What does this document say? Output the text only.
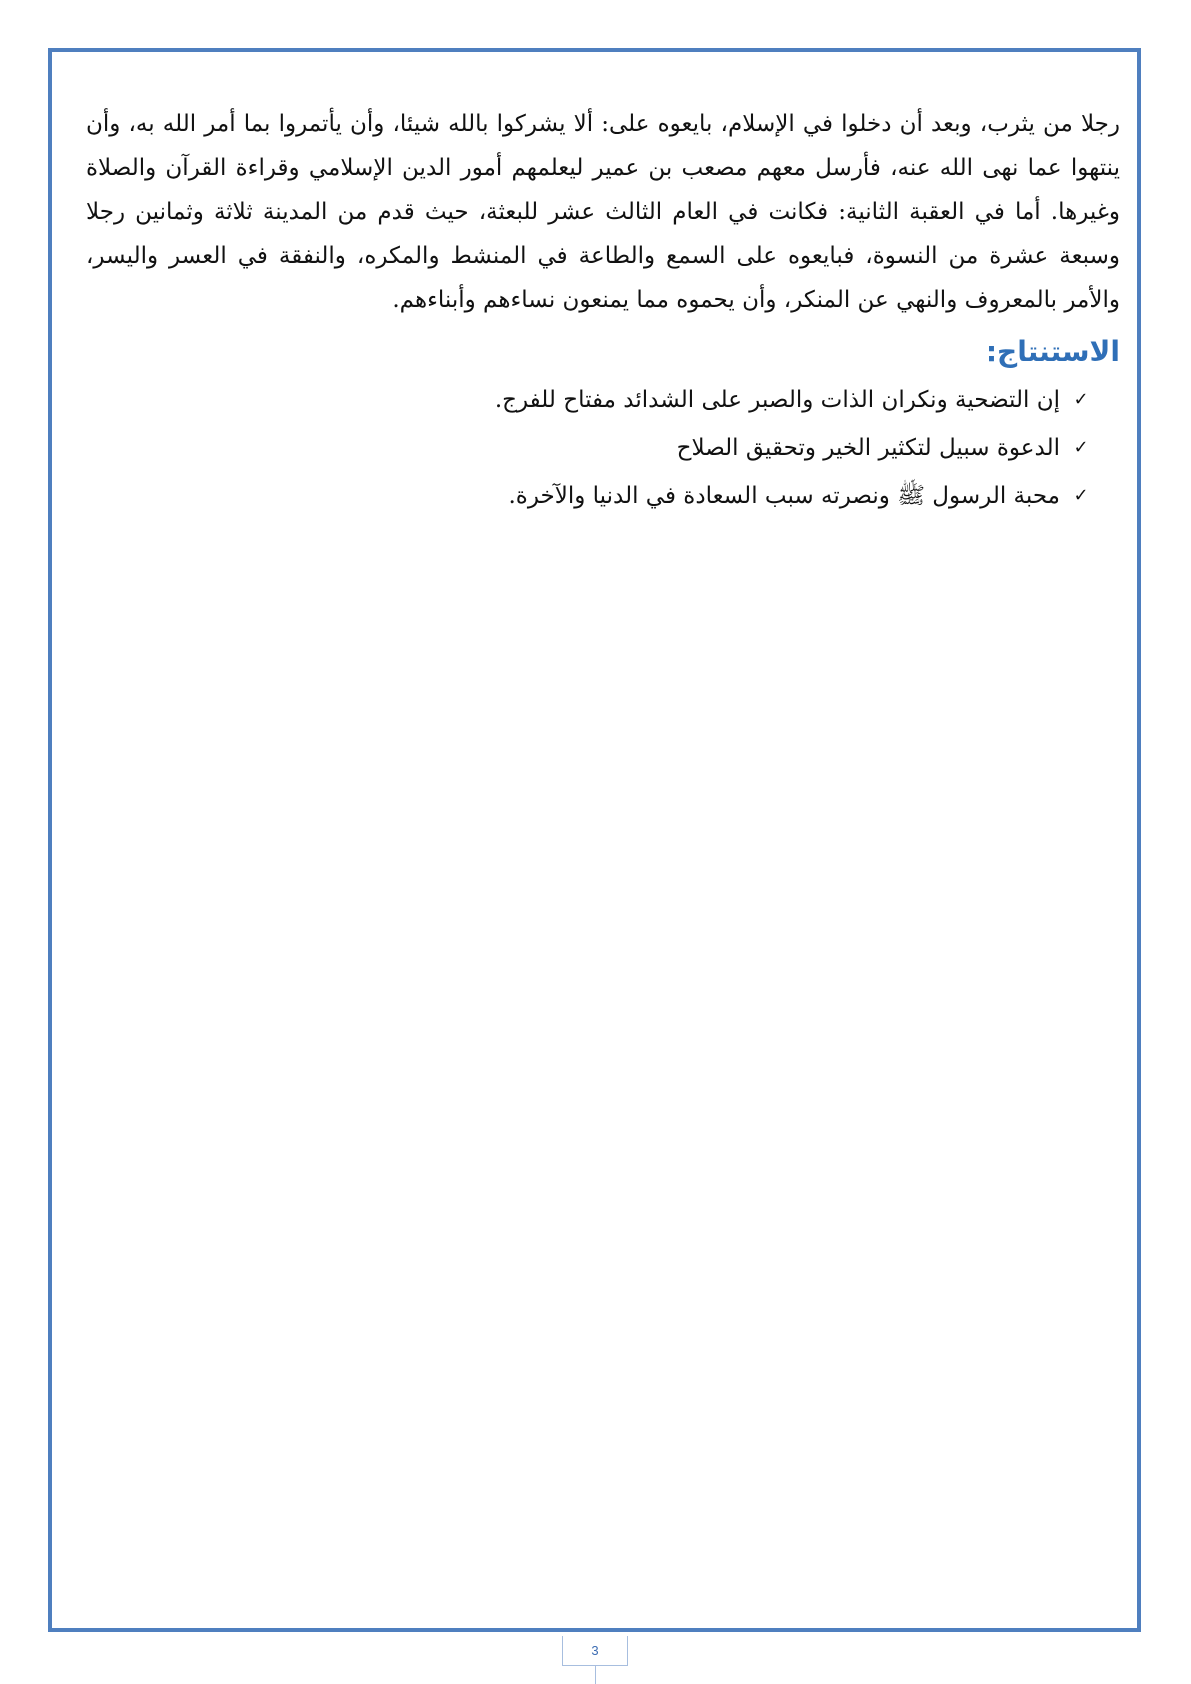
رجلا من يثرب، وبعد أن دخلوا في الإسلام، بايعوه على: ألا يشركوا بالله شيئا، وأن يأتمروا بما أمر الله به، وأن ينتهوا عما نهى الله عنه، فأرسل معهم مصعب بن عمير ليعلمهم أمور الدين الإسلامي وقراءة القرآن والصلاة وغيرها. أما في العقبة الثانية: فكانت في العام الثالث عشر للبعثة، حيث قدم من المدينة ثلاثة وثمانين رجلا وسبعة عشرة من النسوة، فبايعوه على السمع والطاعة في المنشط والمكره، والنفقة في العسر واليسر، والأمر بالمعروف والنهي عن المنكر، وأن يحموه مما يمنعون نساءهم وأبناءهم.

الاستنتاج:
✓
إن التضحية ونكران الذات والصبر على الشدائد مفتاح للفرج.
✓
الدعوة سبيل لتكثير الخير وتحقيق الصلاح
✓
محبة الرسول ﷺ ونصرته سبب السعادة في الدنيا والآخرة.
3
